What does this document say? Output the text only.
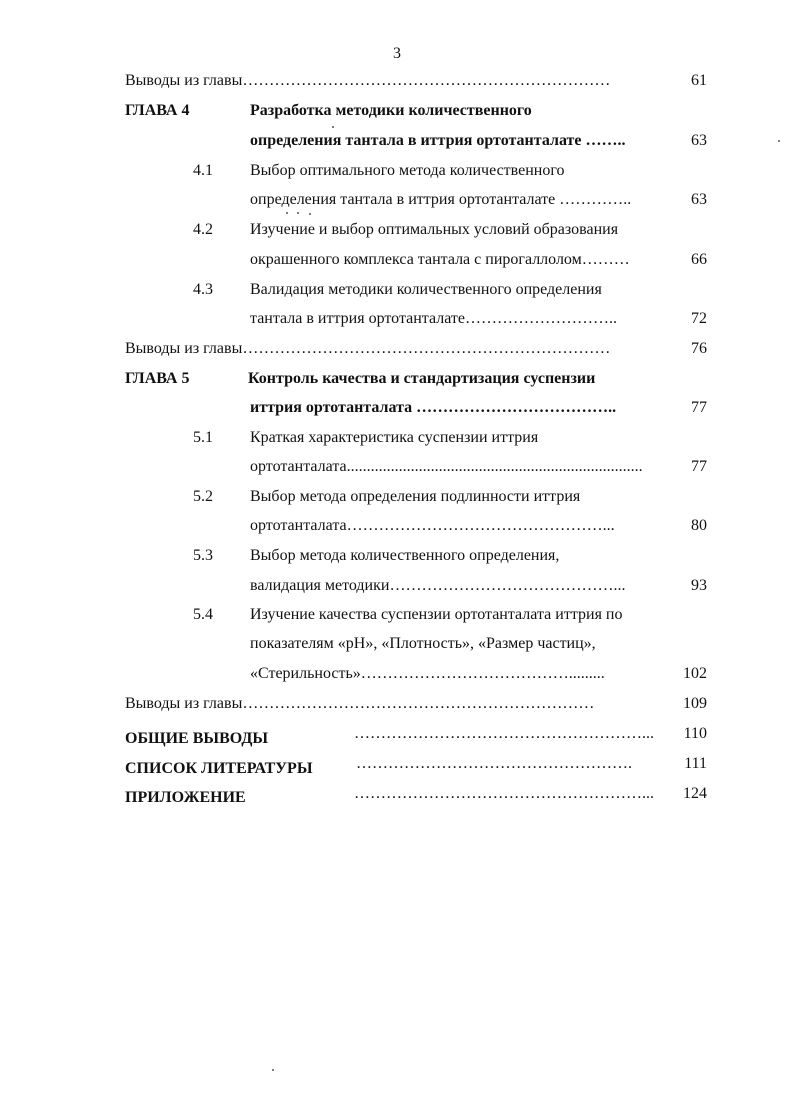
3
Выводы из главы……………………………………………………………	61
ГЛАВА 4	Разработка методики количественного
определения тантала в иттрия ортотанталате ……..	63
4.1 Выбор оптимального метода количественного
определения тантала в иттрия ортотанталате …………..	63
4.2 Изучение и выбор оптимальных условий образования
окрашенного комплекса тантала с пирогаллолом………	66
4.3 Валидация методики количественного определения
тантала в иттрия ортотанталате………………………..	72
Выводы из главы……………………………………………………………	76
ГЛАВА 5	Контроль качества и стандартизация суспензии
иттрия ортотанталата ………………………………..	77
5.1 Краткая характеристика суспензии иттрия
ортотанталата..........................................................................	77
5.2 Выбор метода определения подлинности иттрия
ортотанталата…………………………………………...	80
5.3 Выбор метода количественного определения,
валидация методики……………………………………...	93
5.4 Изучение качества суспензии ортотанталата иттрия по
показателям «рН», «Плотность», «Размер частиц»,
«Стерильность»………………………………….........	102
Выводы из главы…………………………………………………………	109
ОБЩИЕ ВЫВОДЫ	………………………………………………...	110
СПИСОК ЛИТЕРАТУРЫ	…………………………………………….	111
ПРИЛОЖЕНИЕ	………………………………………………...	124
